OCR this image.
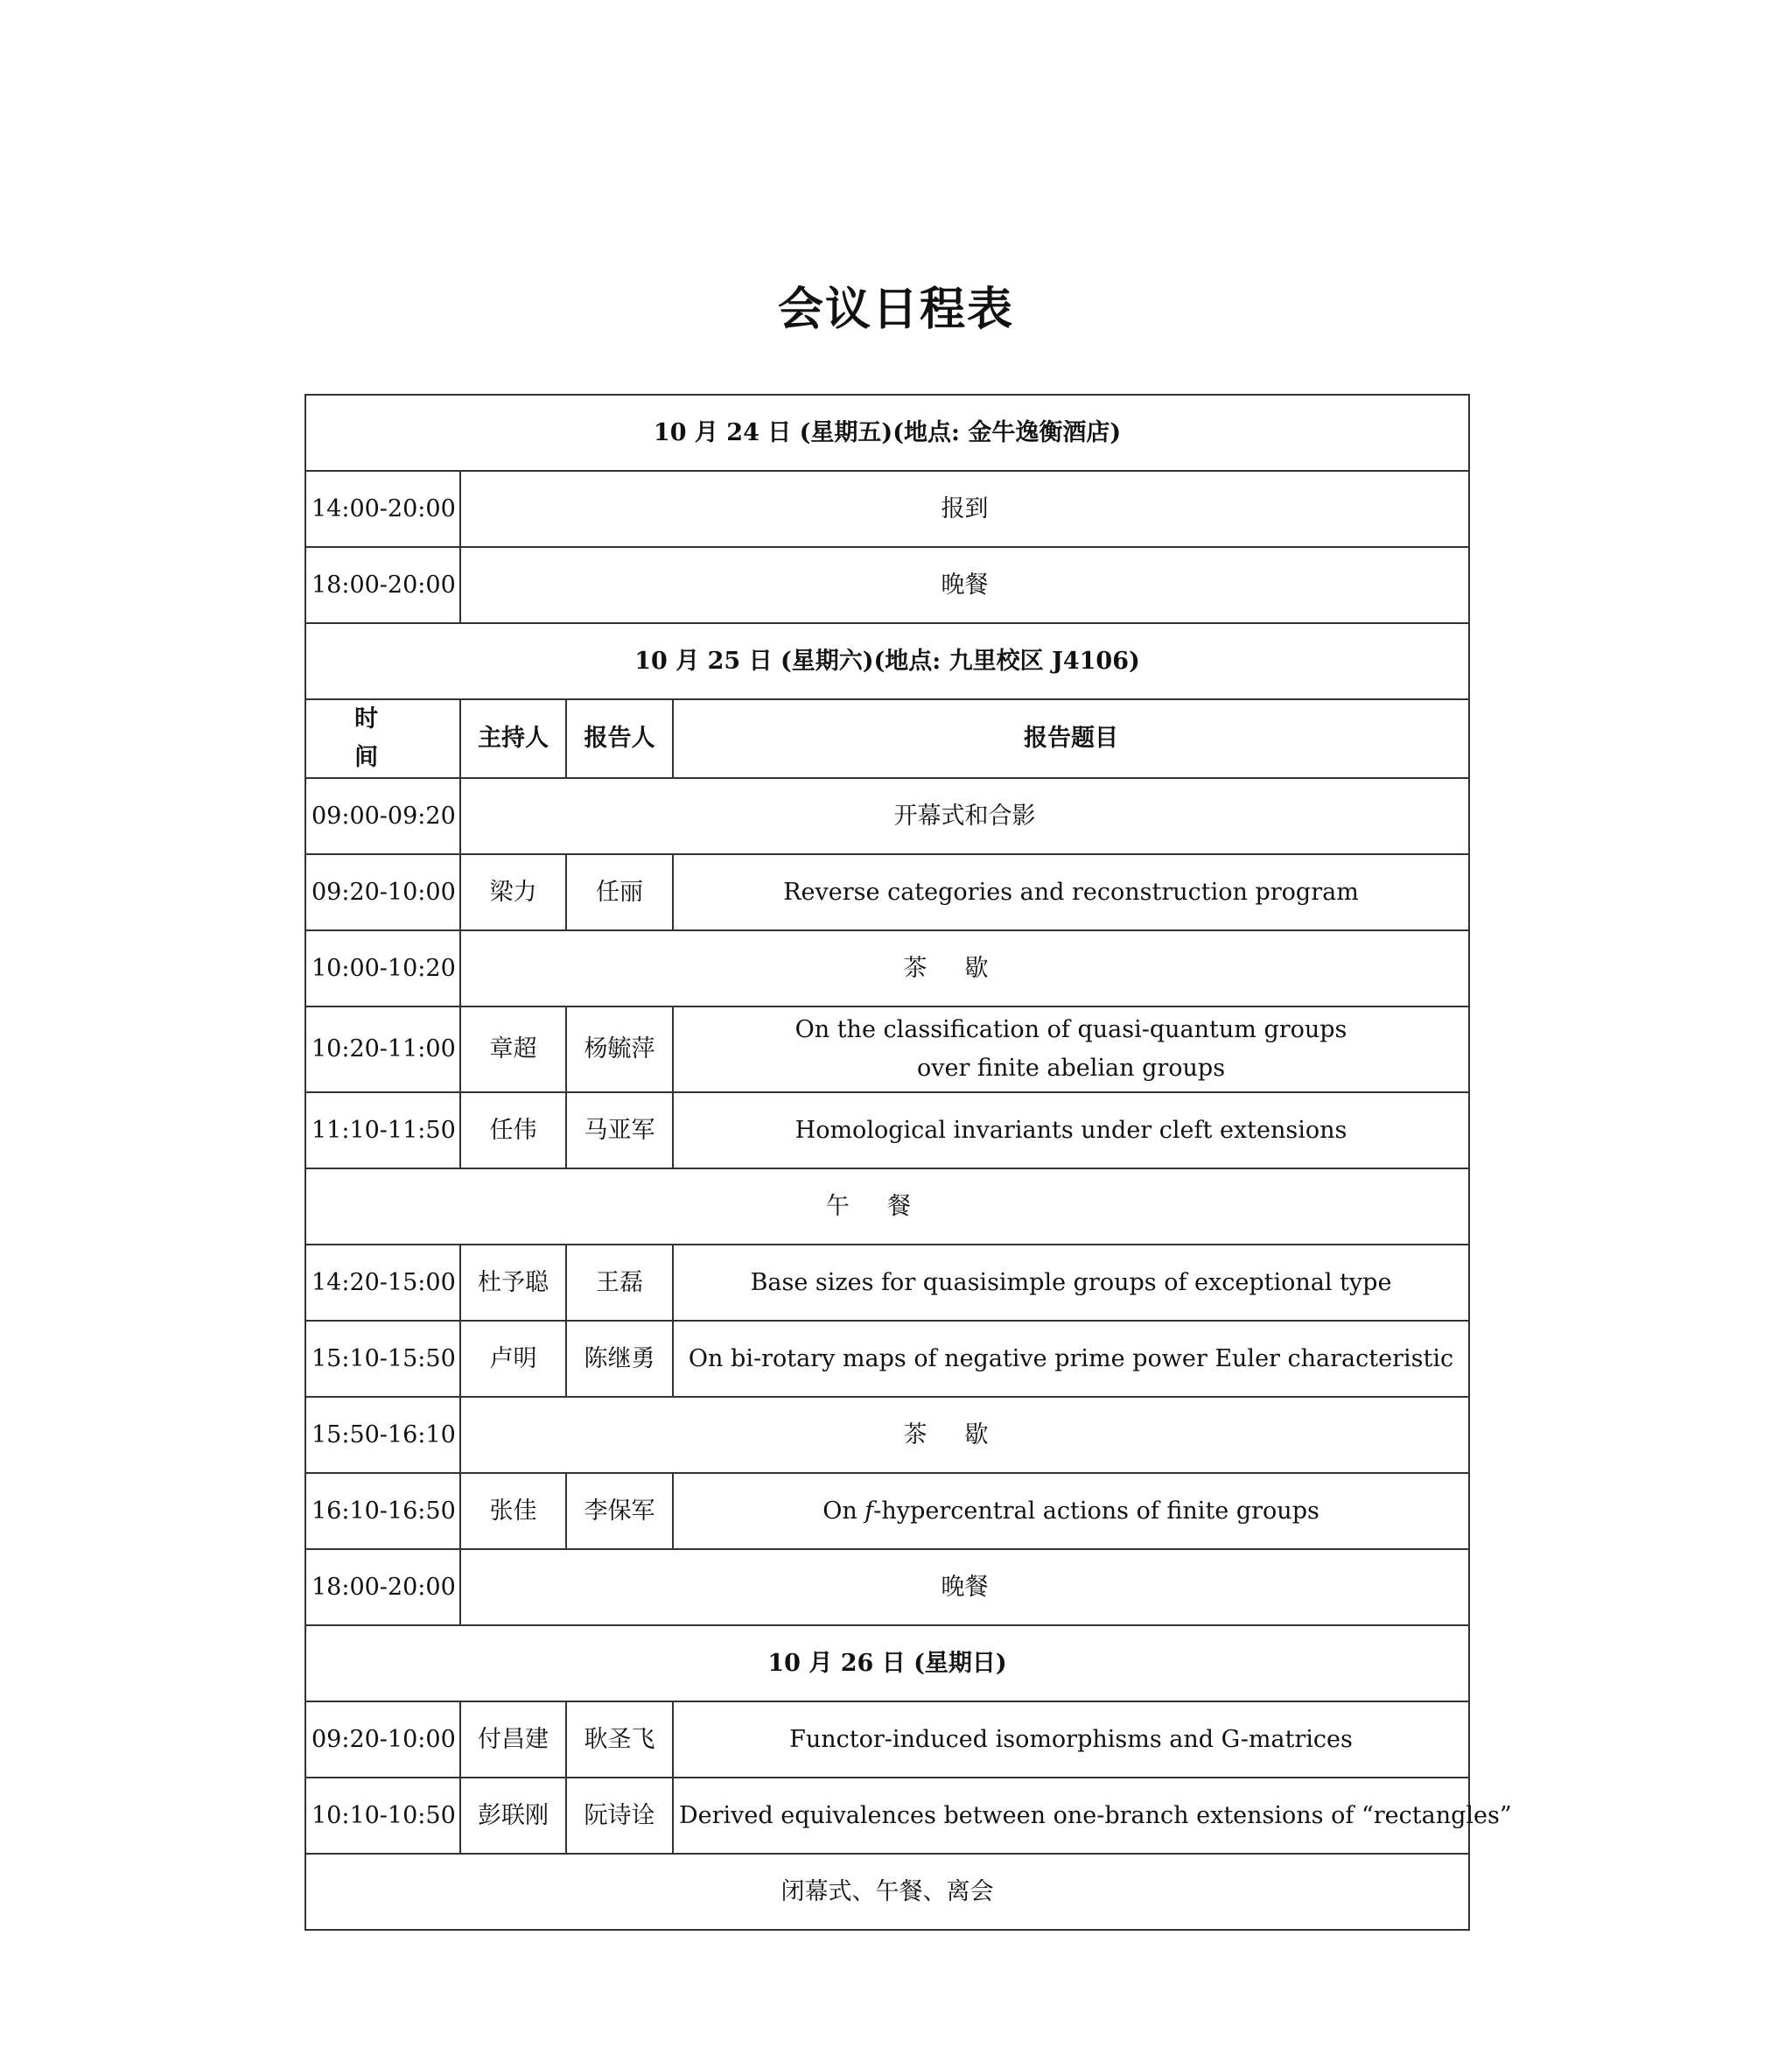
会议日程表
10 月 24 日 (星期五)(地点: 金牛逸衡酒店)			
14:00-20:00	报到		
18:00-20:00	晚餐		
10 月 25 日 (星期六)(地点: 九里校区 J4106)			
时　间	主持人	报告人	报告题目
09:00-09:20	开幕式和合影		
09:20-10:00	梁力	任丽	Reverse categories and reconstruction program
10:00-10:20	茶歇		
10:20-11:00	章超	杨毓萍	On the classification of quasi-quantum groups
over finite abelian groups

11:10-11:50	任伟	马亚军	Homological invariants under cleft extensions
午餐			
14:20-15:00	杜予聪	王磊	Base sizes for quasisimple groups of exceptional type
15:10-15:50	卢明	陈继勇	On bi-rotary maps of negative prime power Euler characteristic
15:50-16:10	茶歇		
16:10-16:50	张佳	李保军	On f-hypercentral actions of finite groups
18:00-20:00	晚餐		
10 月 26 日 (星期日)			
09:20-10:00	付昌建	耿圣飞	Functor-induced isomorphisms and G-matrices
10:10-10:50	彭联刚	阮诗诠	Derived equivalences between one-branch extensions of “rectangles”
闭幕式、午餐、离会			
